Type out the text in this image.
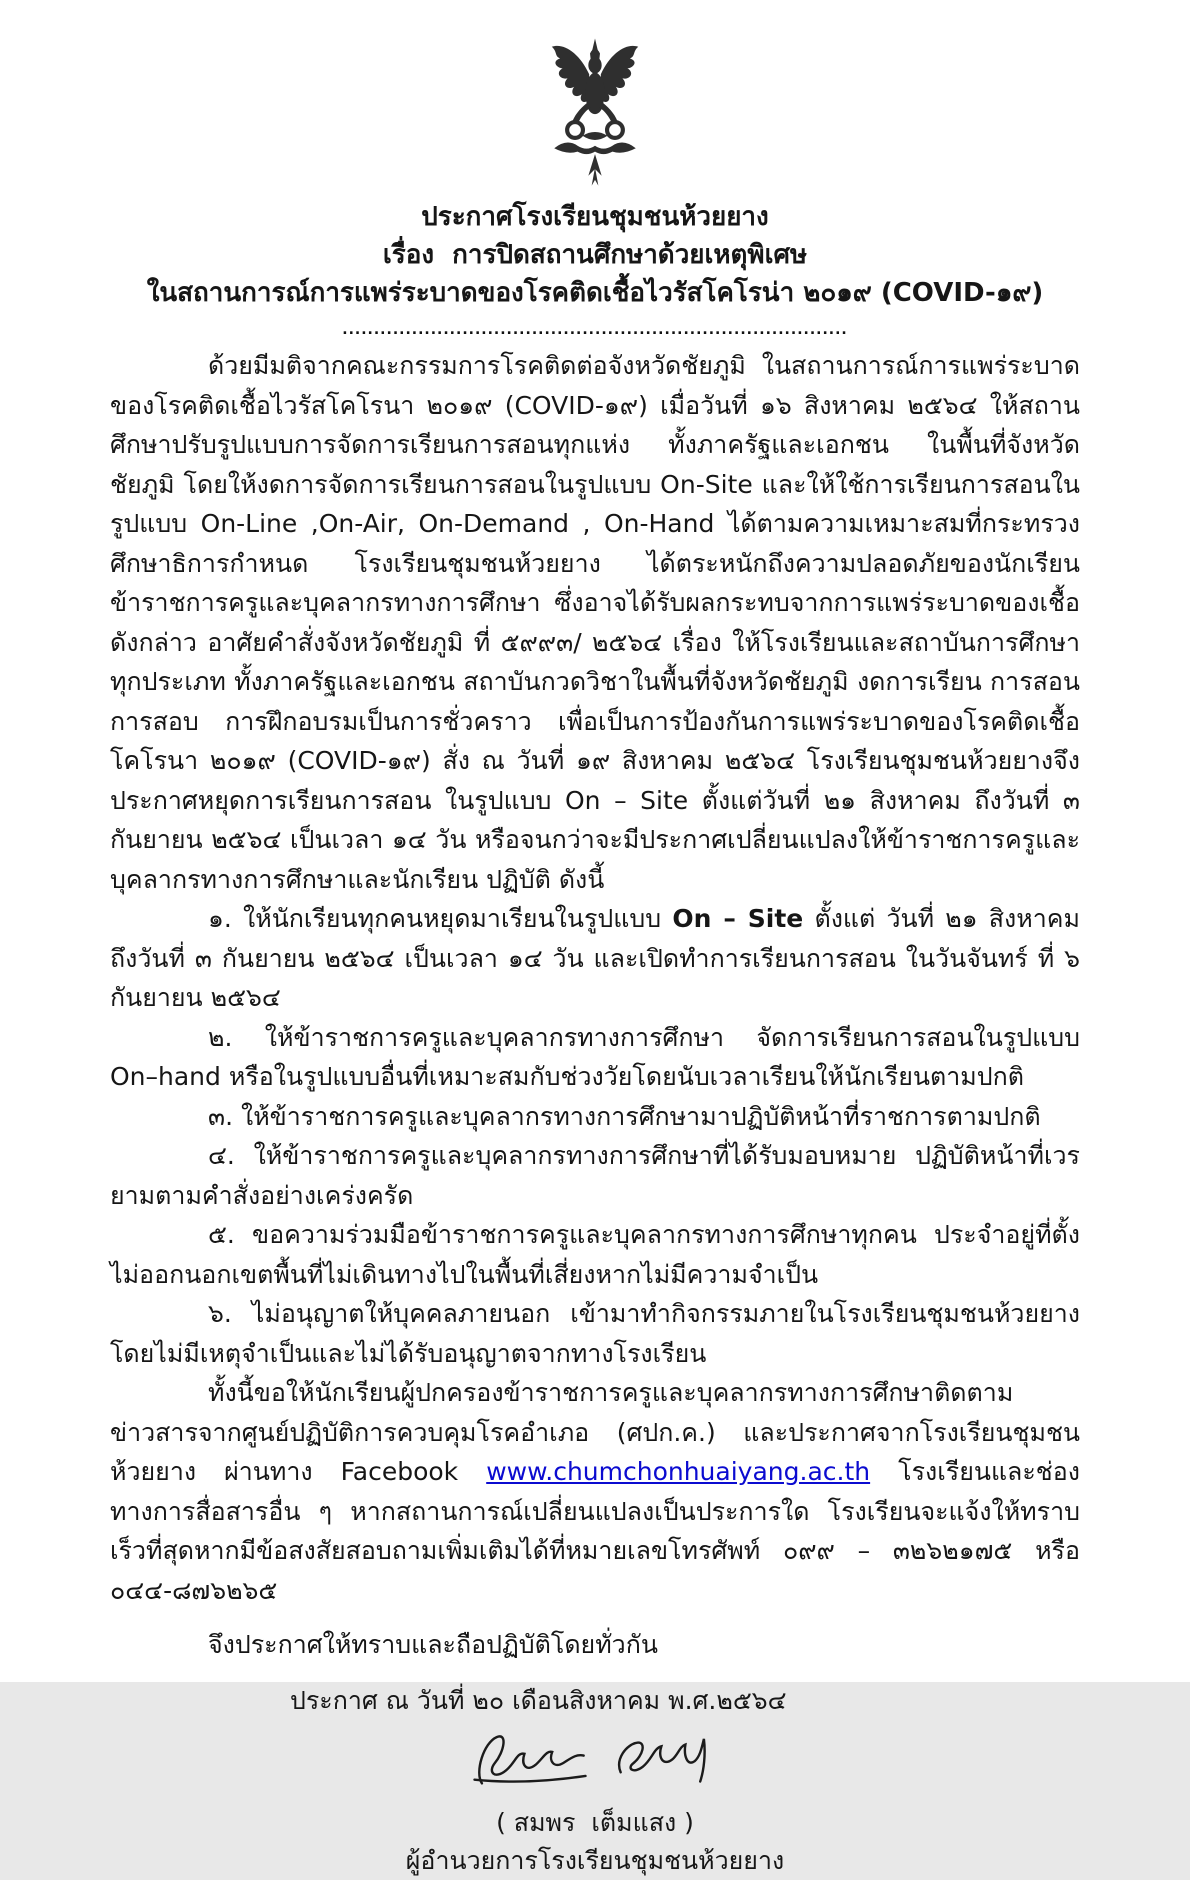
ประกาศโรงเรียนชุมชนห้วยยาง
เรื่อง  การปิดสถานศึกษาด้วยเหตุพิเศษ
ในสถานการณ์การแพร่ระบาดของโรคติดเชื้อไวรัสโคโรน่า ๒๐๑๙ (COVID-๑๙)
................................................................................

ด้วยมีมติจากคณะกรรมการโรคติดต่อจังหวัดชัยภูมิ ในสถานการณ์การแพร่ระบาดของโรคติดเชื้อไวรัสโคโรนา ๒๐๑๙ (COVID-๑๙) เมื่อวันที่ ๑๖ สิงหาคม ๒๕๖๔ ให้สถานศึกษาปรับรูปแบบการจัดการเรียนการสอนทุกแห่ง ทั้งภาครัฐและเอกชน ในพื้นที่จังหวัดชัยภูมิ โดยให้งดการจัดการเรียนการสอนในรูปแบบ On-Site และให้ใช้การเรียนการสอนในรูปแบบ On-Line ,On-Air, On-Demand , On-Hand ได้ตามความเหมาะสมที่กระทรวงศึกษาธิการกำหนด โรงเรียนชุมชนห้วยยาง ได้ตระหนักถึงความปลอดภัยของนักเรียน ข้าราชการครูและบุคลากรทางการศึกษา ซึ่งอาจได้รับผลกระทบจากการแพร่ระบาดของเชื้อดังกล่าว อาศัยคำสั่งจังหวัดชัยภูมิ ที่ ๕๙๙๓/ ๒๕๖๔ เรื่อง ให้โรงเรียนและสถาบันการศึกษาทุกประเภท ทั้งภาครัฐและเอกชน สถาบันกวดวิชาในพื้นที่จังหวัดชัยภูมิ งดการเรียน การสอน การสอบ การฝึกอบรมเป็นการชั่วคราว เพื่อเป็นการป้องกันการแพร่ระบาดของโรคติดเชื้อโคโรนา ๒๐๑๙ (COVID-๑๙) สั่ง ณ วันที่ ๑๙ สิงหาคม ๒๕๖๔ โรงเรียนชุมชนห้วยยางจึงประกาศหยุดการเรียนการสอน ในรูปแบบ On – Site ตั้งแต่วันที่ ๒๑ สิงหาคม ถึงวันที่ ๓ กันยายน ๒๕๖๔ เป็นเวลา ๑๔ วัน หรือจนกว่าจะมีประกาศเปลี่ยนแปลงให้ข้าราชการครูและบุคลากรทางการศึกษาและนักเรียน ปฏิบัติ ดังนี้

๑. ให้นักเรียนทุกคนหยุดมาเรียนในรูปแบบ On – Site ตั้งแต่ วันที่ ๒๑ สิงหาคม ถึงวันที่ ๓ กันยายน ๒๕๖๔ เป็นเวลา ๑๔ วัน และเปิดทำการเรียนการสอน ในวันจันทร์ ที่ ๖ กันยายน ๒๕๖๔

๒. ให้ข้าราชการครูและบุคลากรทางการศึกษา จัดการเรียนการสอนในรูปแบบ On–hand หรือในรูปแบบอื่นที่เหมาะสมกับช่วงวัยโดยนับเวลาเรียนให้นักเรียนตามปกติ

๓. ให้ข้าราชการครูและบุคลากรทางการศึกษามาปฏิบัติหน้าที่ราชการตามปกติ

๔. ให้ข้าราชการครูและบุคลากรทางการศึกษาที่ได้รับมอบหมาย ปฏิบัติหน้าที่เวรยามตามคำสั่งอย่างเคร่งครัด

๕. ขอความร่วมมือข้าราชการครูและบุคลากรทางการศึกษาทุกคน ประจำอยู่ที่ตั้งไม่ออกนอกเขตพื้นที่ไม่เดินทางไปในพื้นที่เสี่ยงหากไม่มีความจำเป็น

๖. ไม่อนุญาตให้บุคคลภายนอก เข้ามาทำกิจกรรมภายในโรงเรียนชุมชนห้วยยาง โดยไม่มีเหตุจำเป็นและไม่ได้รับอนุญาตจากทางโรงเรียน

ทั้งนี้ขอให้นักเรียนผู้ปกครองข้าราชการครูและบุคลากรทางการศึกษาติดตามข่าวสารจากศูนย์ปฏิบัติการควบคุมโรคอำเภอ (ศปก.ค.) และประกาศจากโรงเรียนชุมชนห้วยยาง ผ่านทาง Facebook www.chumchonhuaiyang.ac.th โรงเรียนและช่องทางการสื่อสารอื่น ๆ หากสถานการณ์เปลี่ยนแปลงเป็นประการใด โรงเรียนจะแจ้งให้ทราบเร็วที่สุดหากมีข้อสงสัยสอบถามเพิ่มเติมได้ที่หมายเลขโทรศัพท์ ๐๙๙ – ๓๒๖๒๑๗๕ หรือ ๐๔๔-๘๗๖๒๖๕

จึงประกาศให้ทราบและถือปฏิบัติโดยทั่วกัน

ประกาศ ณ วันที่ ๒๐ เดือนสิงหาคม พ.ศ.๒๕๖๔

( สมพร  เต็มแสง )
ผู้อำนวยการโรงเรียนชุมชนห้วยยาง
